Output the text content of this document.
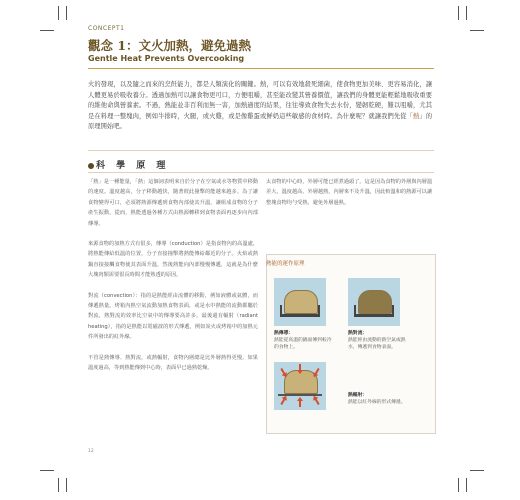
CONCEPT1
觀念 1：文火加熱，避免過熱
Gentle Heat Prevents Overcooking
火的發現，以及隨之而來的烹飪能力，都是人類演化的關鍵。熱，可以有效地殺死細菌，使食物更加美味、更容易消化，讓人體更易於吸收養分。透過加熱可以讓食物更可口，方便咀嚼，甚至能改變其營養價值，讓我們的身體更能輕鬆地吸收重要的維他命與營養素。不過，熱能並非百利而無一害，加熱過度的結果，往往導致食物失去水份，變韌乾硬，難以咀嚼，尤其是在料理一整塊肉，例如牛排時，火腿，或火雞，或是像雞蛋或鮮奶這些敏感的食材時。為什麼呢？就讓我們先從「熱」的原理開始吧。
科 學 原 理

「熱」是一種能量，「熱」這個詞表明來自於分子在空氣或水等物質中移動的速度。溫度越高，分子移動越快，隨著彼此撞擊的能越來越多。為了讓食物變得可口，必須將熱源傳遞到食物內部使其升溫，讓組成食物的分子產生振動，從而，熱能透過各種方式由熱源轉移到食物表面再逐步向內部傳導。

來源食物的加熱方式有很多，傳導（conduction）是指食物內的高溫處，將熱能傳給低溫的位置，分子直接撞擊將熱能傳給鄰近的分子。火焰或熱鍋直接接觸食物使其表面升溫，然後熱能向內部慢慢傳遞，這就是為什麼大塊肉類需要很長時間才能熟透的原因。

對流（convection）：指的是熱能經由流體的移動，例如液體或氣體，而傳遞熱量。烤箱內熱空氣流動加熱食物表面，或是水中熱能的流動都屬於對流，熱對流的效率比空氣中的傳導要高許多。最後還有輻射（radiant heating），指的是熱能以電磁波的形式傳遞，例如炭火或烤箱中的加熱元件所發出的紅外線。

不管是熱傳導、熱對流，或熱輻射，食物內層總是比外層熱得更慢。如果溫度過高，等到熱能傳到中心時，表面早已過熟乾燥。

太食物的中心時，外層可能已經煮過頭了。這是因為食物的外層與內層溫差大，溫度越高、外層越熱，內層來不及升溫，因此較溫和的熱源可以讓整塊食物均勻受熱，避免外層過熟。
熱能的運作原理
熱傳導：
熱能從高溫的鍋面傳到較冷的食物上。
熱對流：
熱能經由流動的熱空氣或熱水，傳遞到食物表面。
熱輻射：
熱能以紅外線的形式傳遞。
12
